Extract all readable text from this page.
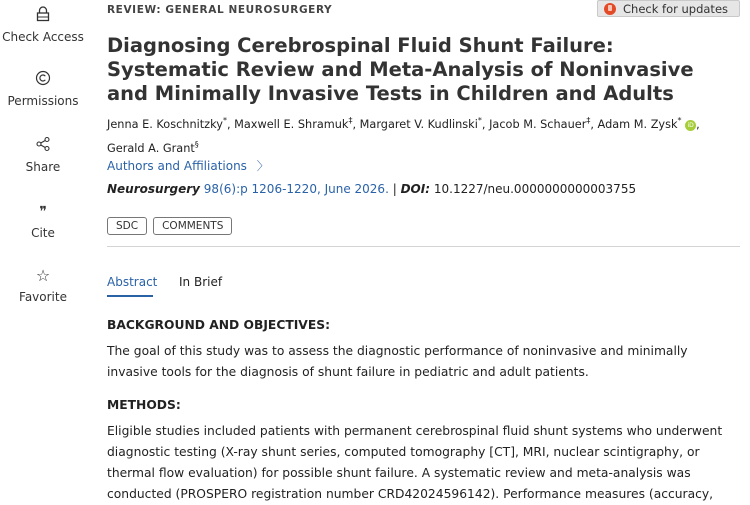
Check Access
Permissions
Share
❞
Cite
☆
Favorite
REVIEW: GENERAL NEUROSURGERY	Check for updates
Diagnosing Cerebrospinal Fluid Shunt Failure: Systematic Review and Meta-Analysis of Noninvasive and Minimally Invasive Tests in Children and Adults
Jenna E. Koschnitzky*, Maxwell E. Shramuk‡, Margaret V. Kudlinski*, Jacob M. Schauer‡, Adam M. Zysk* iD ,
Gerald A. Grant§
Authors and Affiliations 〉
Neurosurgery 98(6):p 1206-1220, June 2026. | DOI: 10.1227/neu.0000000000003755
SDC	COMMENTS
Abstract In Brief
BACKGROUND AND OBJECTIVES:
The goal of this study was to assess the diagnostic performance of noninvasive and minimally
invasive tools for the diagnosis of shunt failure in pediatric and adult patients.
METHODS:
Eligible studies included patients with permanent cerebrospinal fluid shunt systems who underwent
diagnostic testing (X-ray shunt series, computed tomography [CT], MRI, nuclear scintigraphy, or
thermal flow evaluation) for possible shunt failure. A systematic review and meta-analysis was
conducted (PROSPERO registration number CRD42024596142). Performance measures (accuracy,
